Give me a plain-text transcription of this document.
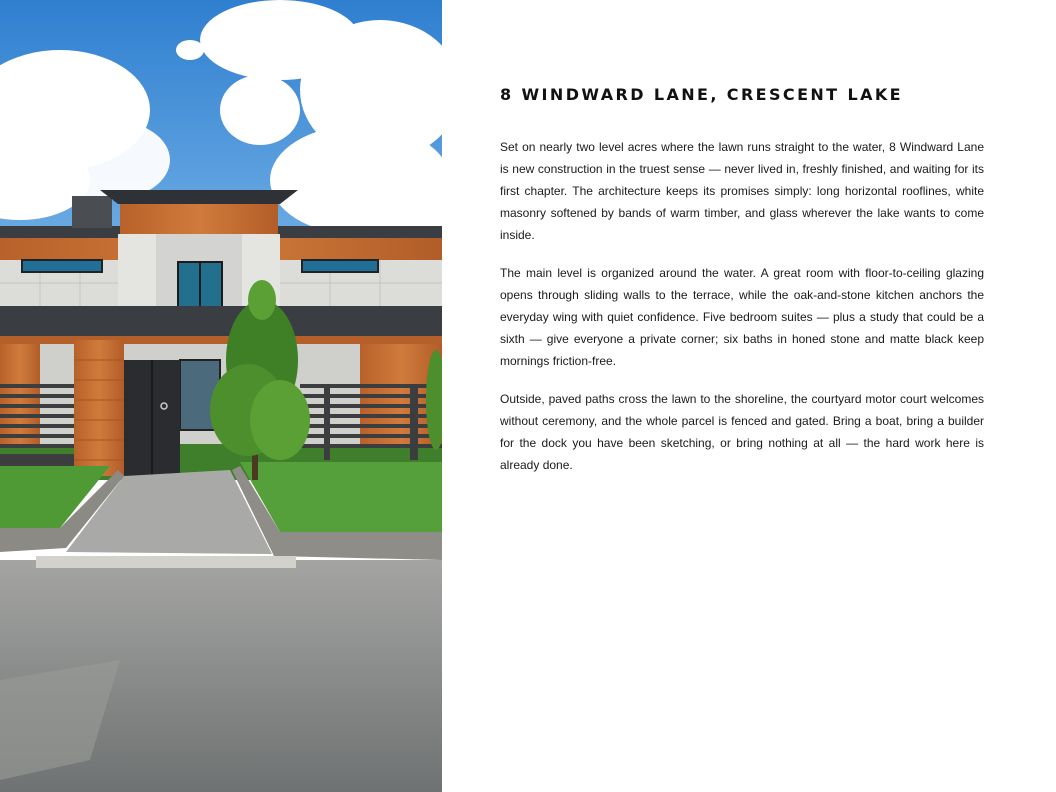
8 WINDWARD LANE, CRESCENT LAKE

Set on nearly two level acres where the lawn runs straight to the water, 8 Windward Lane is new construction in the truest sense — never lived in, freshly finished, and waiting for its first chapter. The architecture keeps its promises simply: long horizontal rooflines, white masonry softened by bands of warm timber, and glass wherever the lake wants to come inside.

The main level is organized around the water. A great room with floor-to-ceiling glazing opens through sliding walls to the terrace, while the oak-and-stone kitchen anchors the everyday wing with quiet confidence. Five bedroom suites — plus a study that could be a sixth — give everyone a private corner; six baths in honed stone and matte black keep mornings friction-free.

Outside, paved paths cross the lawn to the shoreline, the courtyard motor court welcomes without ceremony, and the whole parcel is fenced and gated. Bring a boat, bring a builder for the dock you have been sketching, or bring nothing at all — the hard work here is already done.
